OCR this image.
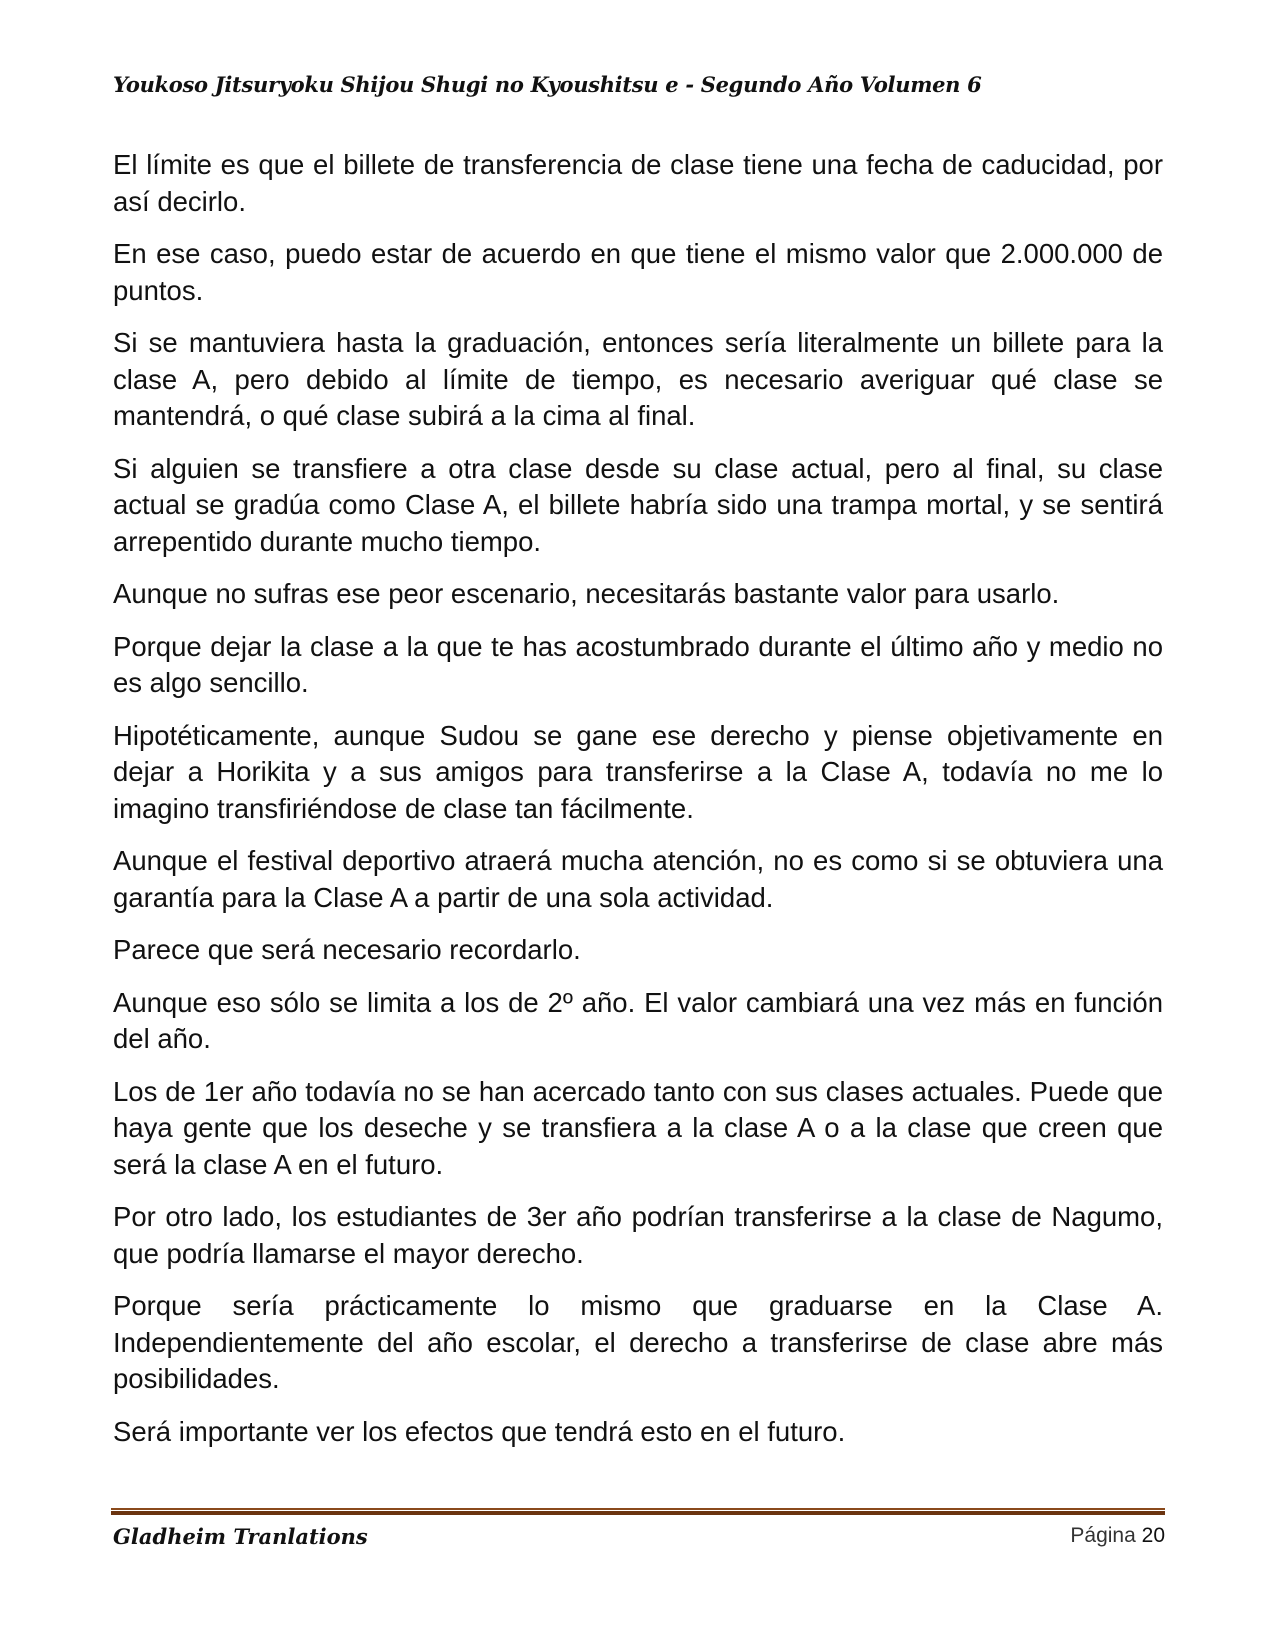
Youkoso Jitsuryoku Shijou Shugi no Kyoushitsu e - Segundo Año Volumen 6

El límite es que el billete de transferencia de clase tiene una fecha de caducidad, por así decirlo.

En ese caso, puedo estar de acuerdo en que tiene el mismo valor que 2.000.000 de puntos.

Si se mantuviera hasta la graduación, entonces sería literalmente un billete para la clase A, pero debido al límite de tiempo, es necesario averiguar qué clase se mantendrá, o qué clase subirá a la cima al final.

Si alguien se transfiere a otra clase desde su clase actual, pero al final, su clase actual se gradúa como Clase A, el billete habría sido una trampa mortal, y se sentirá arrepentido durante mucho tiempo.

Aunque no sufras ese peor escenario, necesitarás bastante valor para usarlo.

Porque dejar la clase a la que te has acostumbrado durante el último año y medio no es algo sencillo.

Hipotéticamente, aunque Sudou se gane ese derecho y piense objetivamente en dejar a Horikita y a sus amigos para transferirse a la Clase A, todavía no me lo imagino transfiriéndose de clase tan fácilmente.

Aunque el festival deportivo atraerá mucha atención, no es como si se obtuviera una garantía para la Clase A a partir de una sola actividad.

Parece que será necesario recordarlo.

Aunque eso sólo se limita a los de 2º año. El valor cambiará una vez más en función del año.

Los de 1er año todavía no se han acercado tanto con sus clases actuales. Puede que haya gente que los deseche y se transfiera a la clase A o a la clase que creen que será la clase A en el futuro.

Por otro lado, los estudiantes de 3er año podrían transferirse a la clase de Nagumo, que podría llamarse el mayor derecho.

Porque sería prácticamente lo mismo que graduarse en la Clase A. Independientemente del año escolar, el derecho a transferirse de clase abre más posibilidades.

Será importante ver los efectos que tendrá esto en el futuro.

Gladheim Tranlations	Página 20
